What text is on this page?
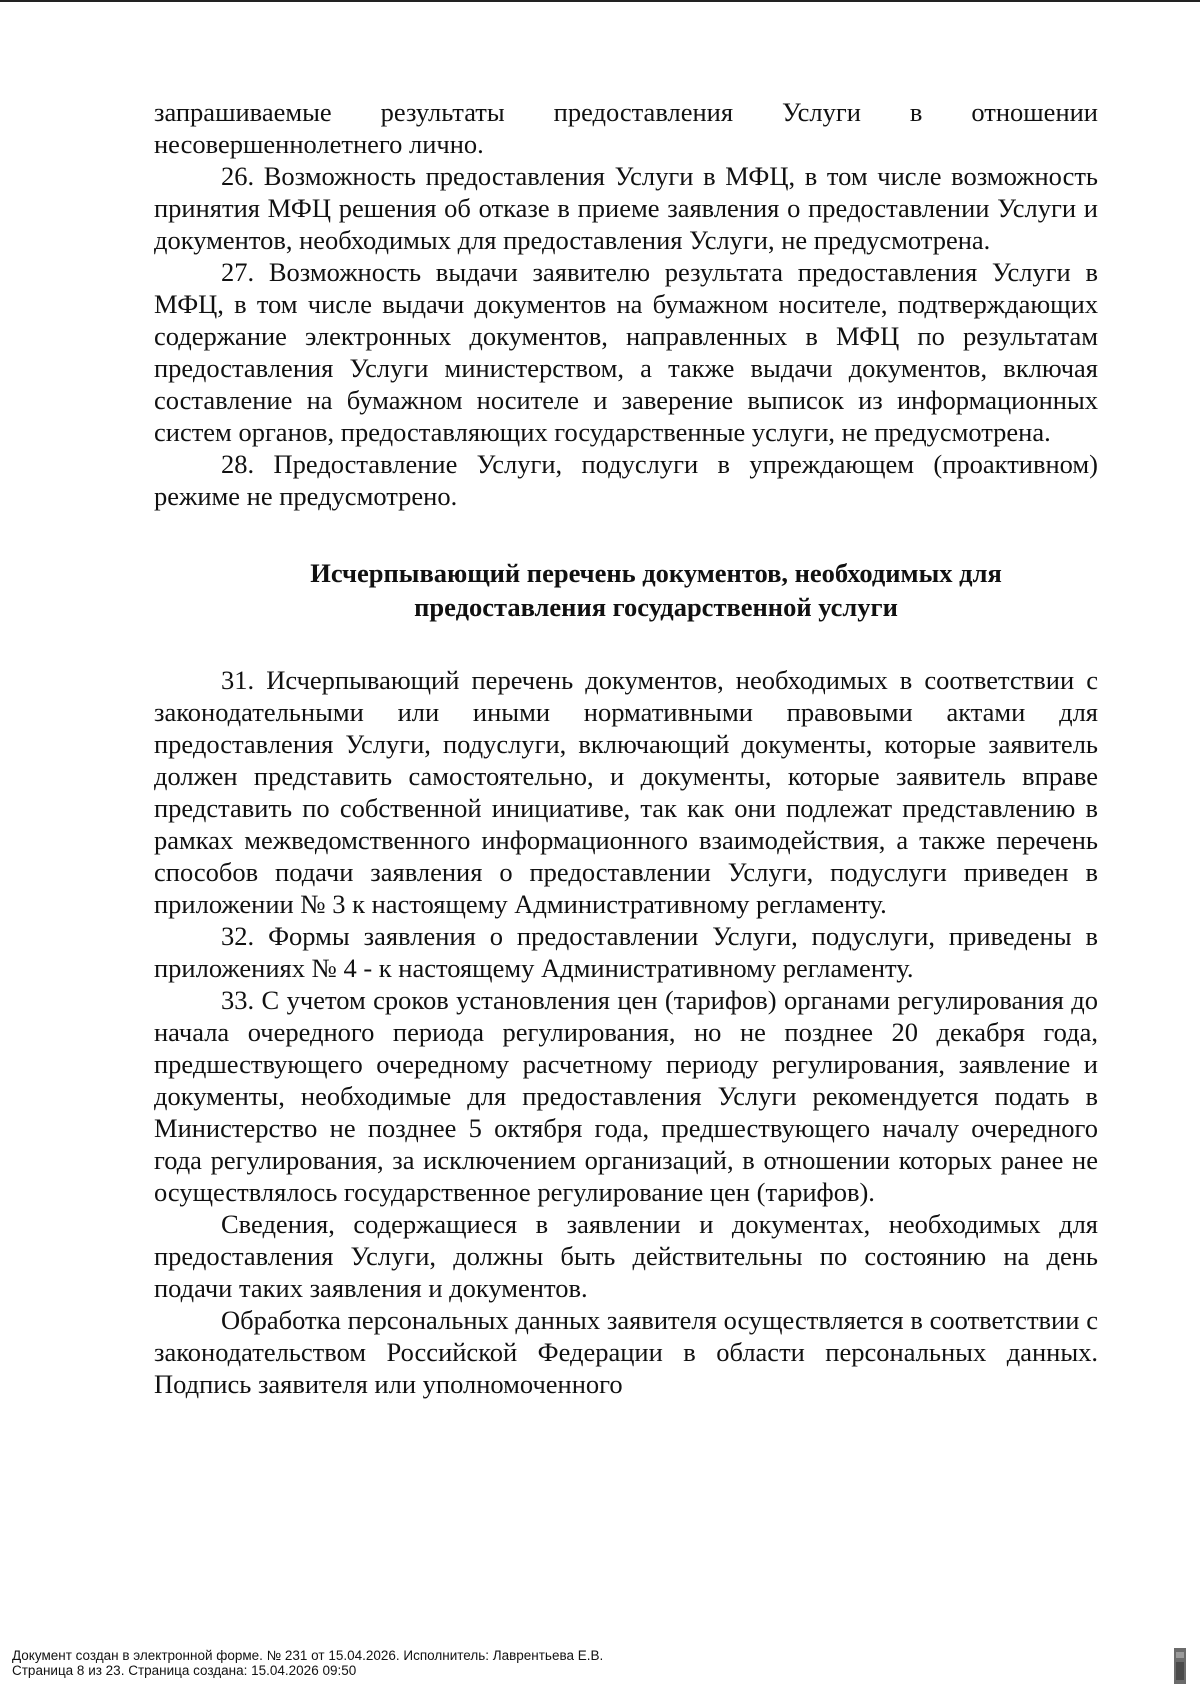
запрашиваемые результаты предоставления Услуги в отношении несовершеннолетнего лично.

26. Возможность предоставления Услуги в МФЦ, в том числе возможность принятия МФЦ решения об отказе в приеме заявления о предоставлении Услуги и документов, необходимых для предоставления Услуги, не предусмотрена.

27. Возможность выдачи заявителю результата предоставления Услуги в МФЦ, в том числе выдачи документов на бумажном носителе, подтверждающих содержание электронных документов, направленных в МФЦ по результатам предоставления Услуги министерством, а также выдачи документов, включая составление на бумажном носителе и заверение выписок из информационных систем органов, предоставляющих государственные услуги, не предусмотрена.

28. Предоставление Услуги, подуслуги в упреждающем (проактивном) режиме не предусмотрено.

Исчерпывающий перечень документов, необходимых для
предоставления государственной услуги

31. Исчерпывающий перечень документов, необходимых в соответствии с законодательными или иными нормативными правовыми актами для предоставления Услуги, подуслуги, включающий документы, которые заявитель должен представить самостоятельно, и документы, которые заявитель вправе представить по собственной инициативе, так как они подлежат представлению в рамках межведомственного информационного взаимодействия, а также перечень способов подачи заявления о предоставлении Услуги, подуслуги приведен в приложении № 3 к настоящему Административному регламенту.

32. Формы заявления о предоставлении Услуги, подуслуги, приведены в приложениях № 4 - к настоящему Административному регламенту.

33. С учетом сроков установления цен (тарифов) органами регулирования до начала очередного периода регулирования, но не позднее 20 декабря года, предшествующего очередному расчетному периоду регулирования, заявление и документы, необходимые для предоставления Услуги рекомендуется подать в Министерство не позднее 5 октября года, предшествующего началу очередного года регулирования, за исключением организаций, в отношении которых ранее не осуществлялось государственное регулирование цен (тарифов).

Сведения, содержащиеся в заявлении и документах, необходимых для предоставления Услуги, должны быть действительны по состоянию на день подачи таких заявления и документов.

Обработка персональных данных заявителя осуществляется в соответствии с законодательством Российской Федерации в области персональных данных. Подпись заявителя или уполномоченного

Документ создан в электронной форме. № 231 от 15.04.2026. Исполнитель: Лаврентьева Е.В.
Страница 8 из 23. Страница создана: 15.04.2026 09:50
